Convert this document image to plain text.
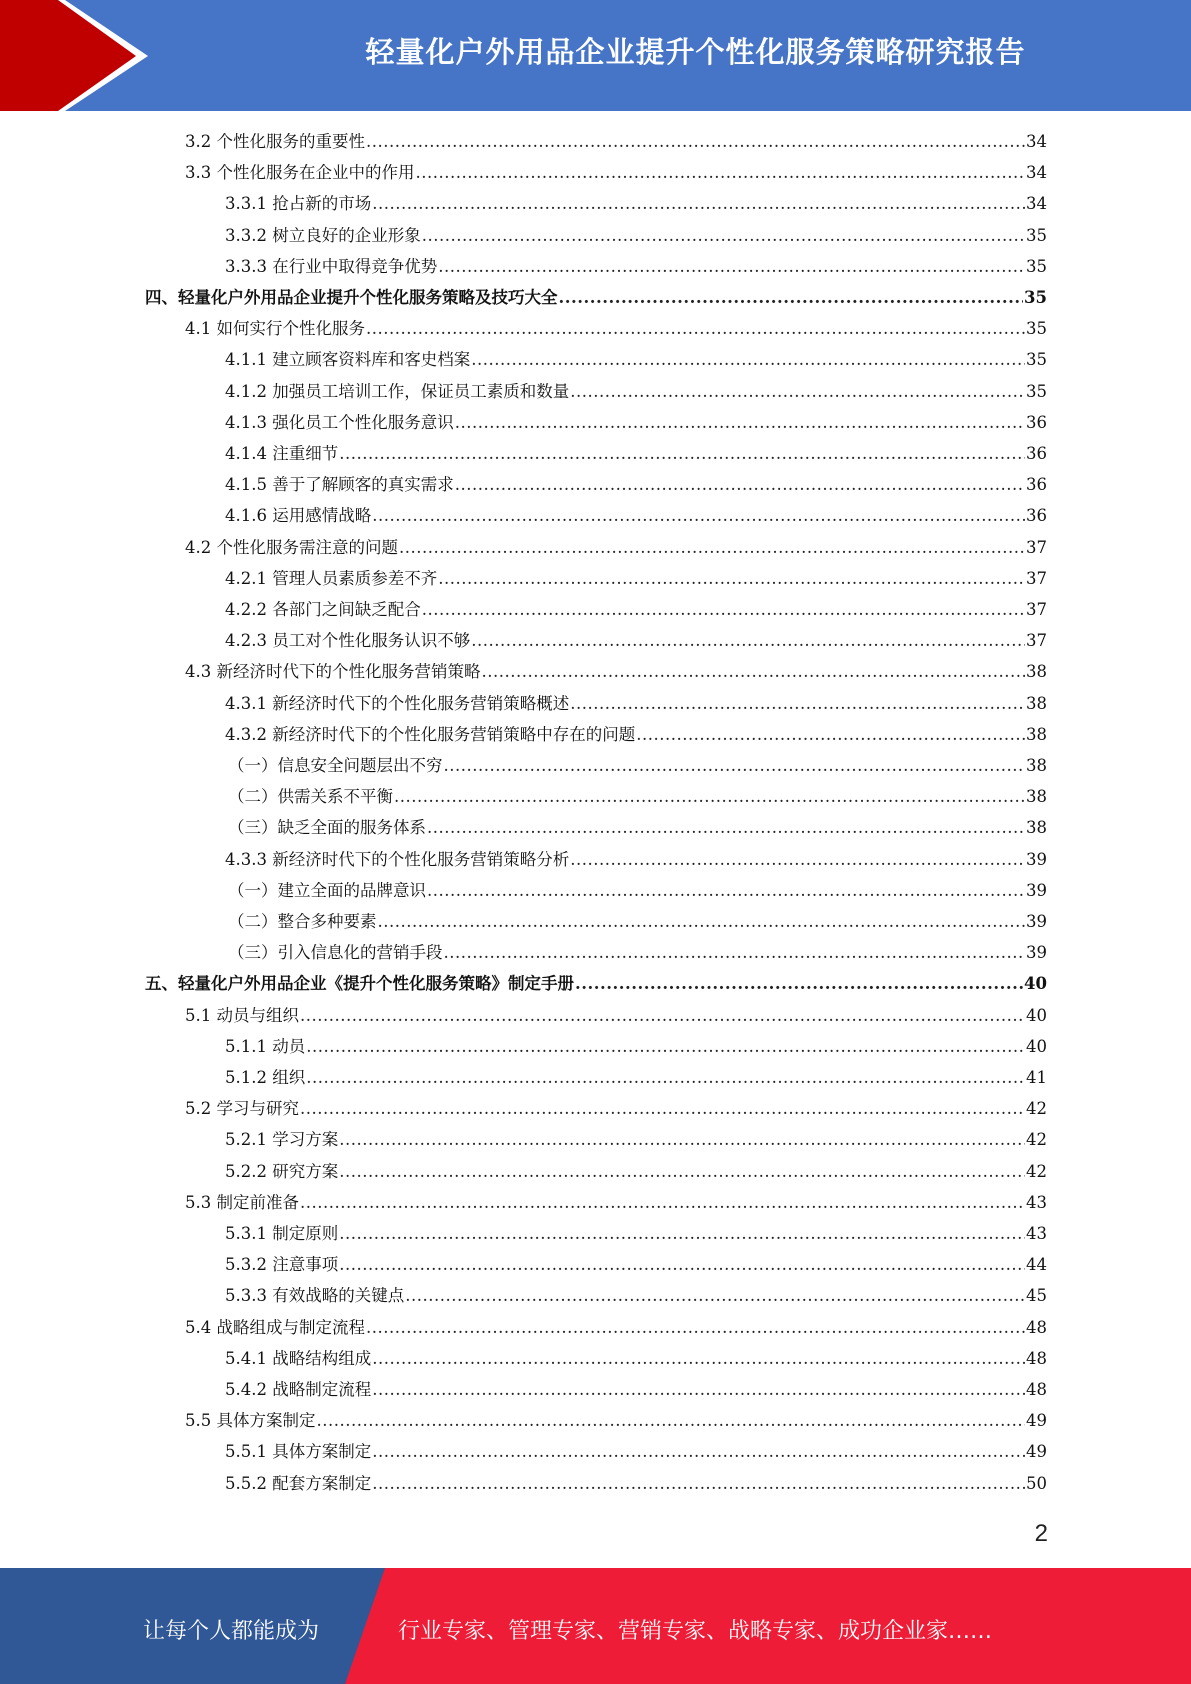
轻量化户外用品企业提升个性化服务策略研究报告
3.2 个性化服务的重要性 .....	34
3.3 个性化服务在企业中的作用 .....	34
3.3.1 抢占新的市场 .....	34
3.3.2 树立良好的企业形象 .....	35
3.3.3 在行业中取得竞争优势 .....	35
四、轻量化户外用品企业提升个性化服务策略及技巧大全 .....	35
4.1 如何实行个性化服务 .....	35
4.1.1 建立顾客资料库和客史档案 .....	35
4.1.2 加强员工培训工作，保证员工素质和数量 .....	35
4.1.3 强化员工个性化服务意识 .....	36
4.1.4 注重细节 .....	36
4.1.5 善于了解顾客的真实需求 .....	36
4.1.6 运用感情战略 .....	36
4.2 个性化服务需注意的问题 .....	37
4.2.1 管理人员素质参差不齐 .....	37
4.2.2 各部门之间缺乏配合 .....	37
4.2.3 员工对个性化服务认识不够 .....	37
4.3 新经济时代下的个性化服务营销策略 .....	38
4.3.1 新经济时代下的个性化服务营销策略概述 .....	38
4.3.2 新经济时代下的个性化服务营销策略中存在的问题 .....	38
（一）信息安全问题层出不穷 .....	38
（二）供需关系不平衡 .....	38
（三）缺乏全面的服务体系 .....	38
4.3.3 新经济时代下的个性化服务营销策略分析 .....	39
（一）建立全面的品牌意识 .....	39
（二）整合多种要素 .....	39
（三）引入信息化的营销手段 .....	39
五、轻量化户外用品企业《提升个性化服务策略》制定手册 .....	40
5.1 动员与组织 .....	40
5.1.1 动员 .....	40
5.1.2 组织 .....	41
5.2 学习与研究 .....	42
5.2.1 学习方案 .....	42
5.2.2 研究方案 .....	42
5.3 制定前准备 .....	43
5.3.1 制定原则 .....	43
5.3.2 注意事项 .....	44
5.3.3 有效战略的关键点 .....	45
5.4 战略组成与制定流程 .....	48
5.4.1 战略结构组成 .....	48
5.4.2 战略制定流程 .....	48
5.5 具体方案制定 .....	49
5.5.1 具体方案制定 .....	49
5.5.2 配套方案制定 .....	50
2
让每个人都能成为	行业专家、管理专家、营销专家、战略专家、成功企业家……
